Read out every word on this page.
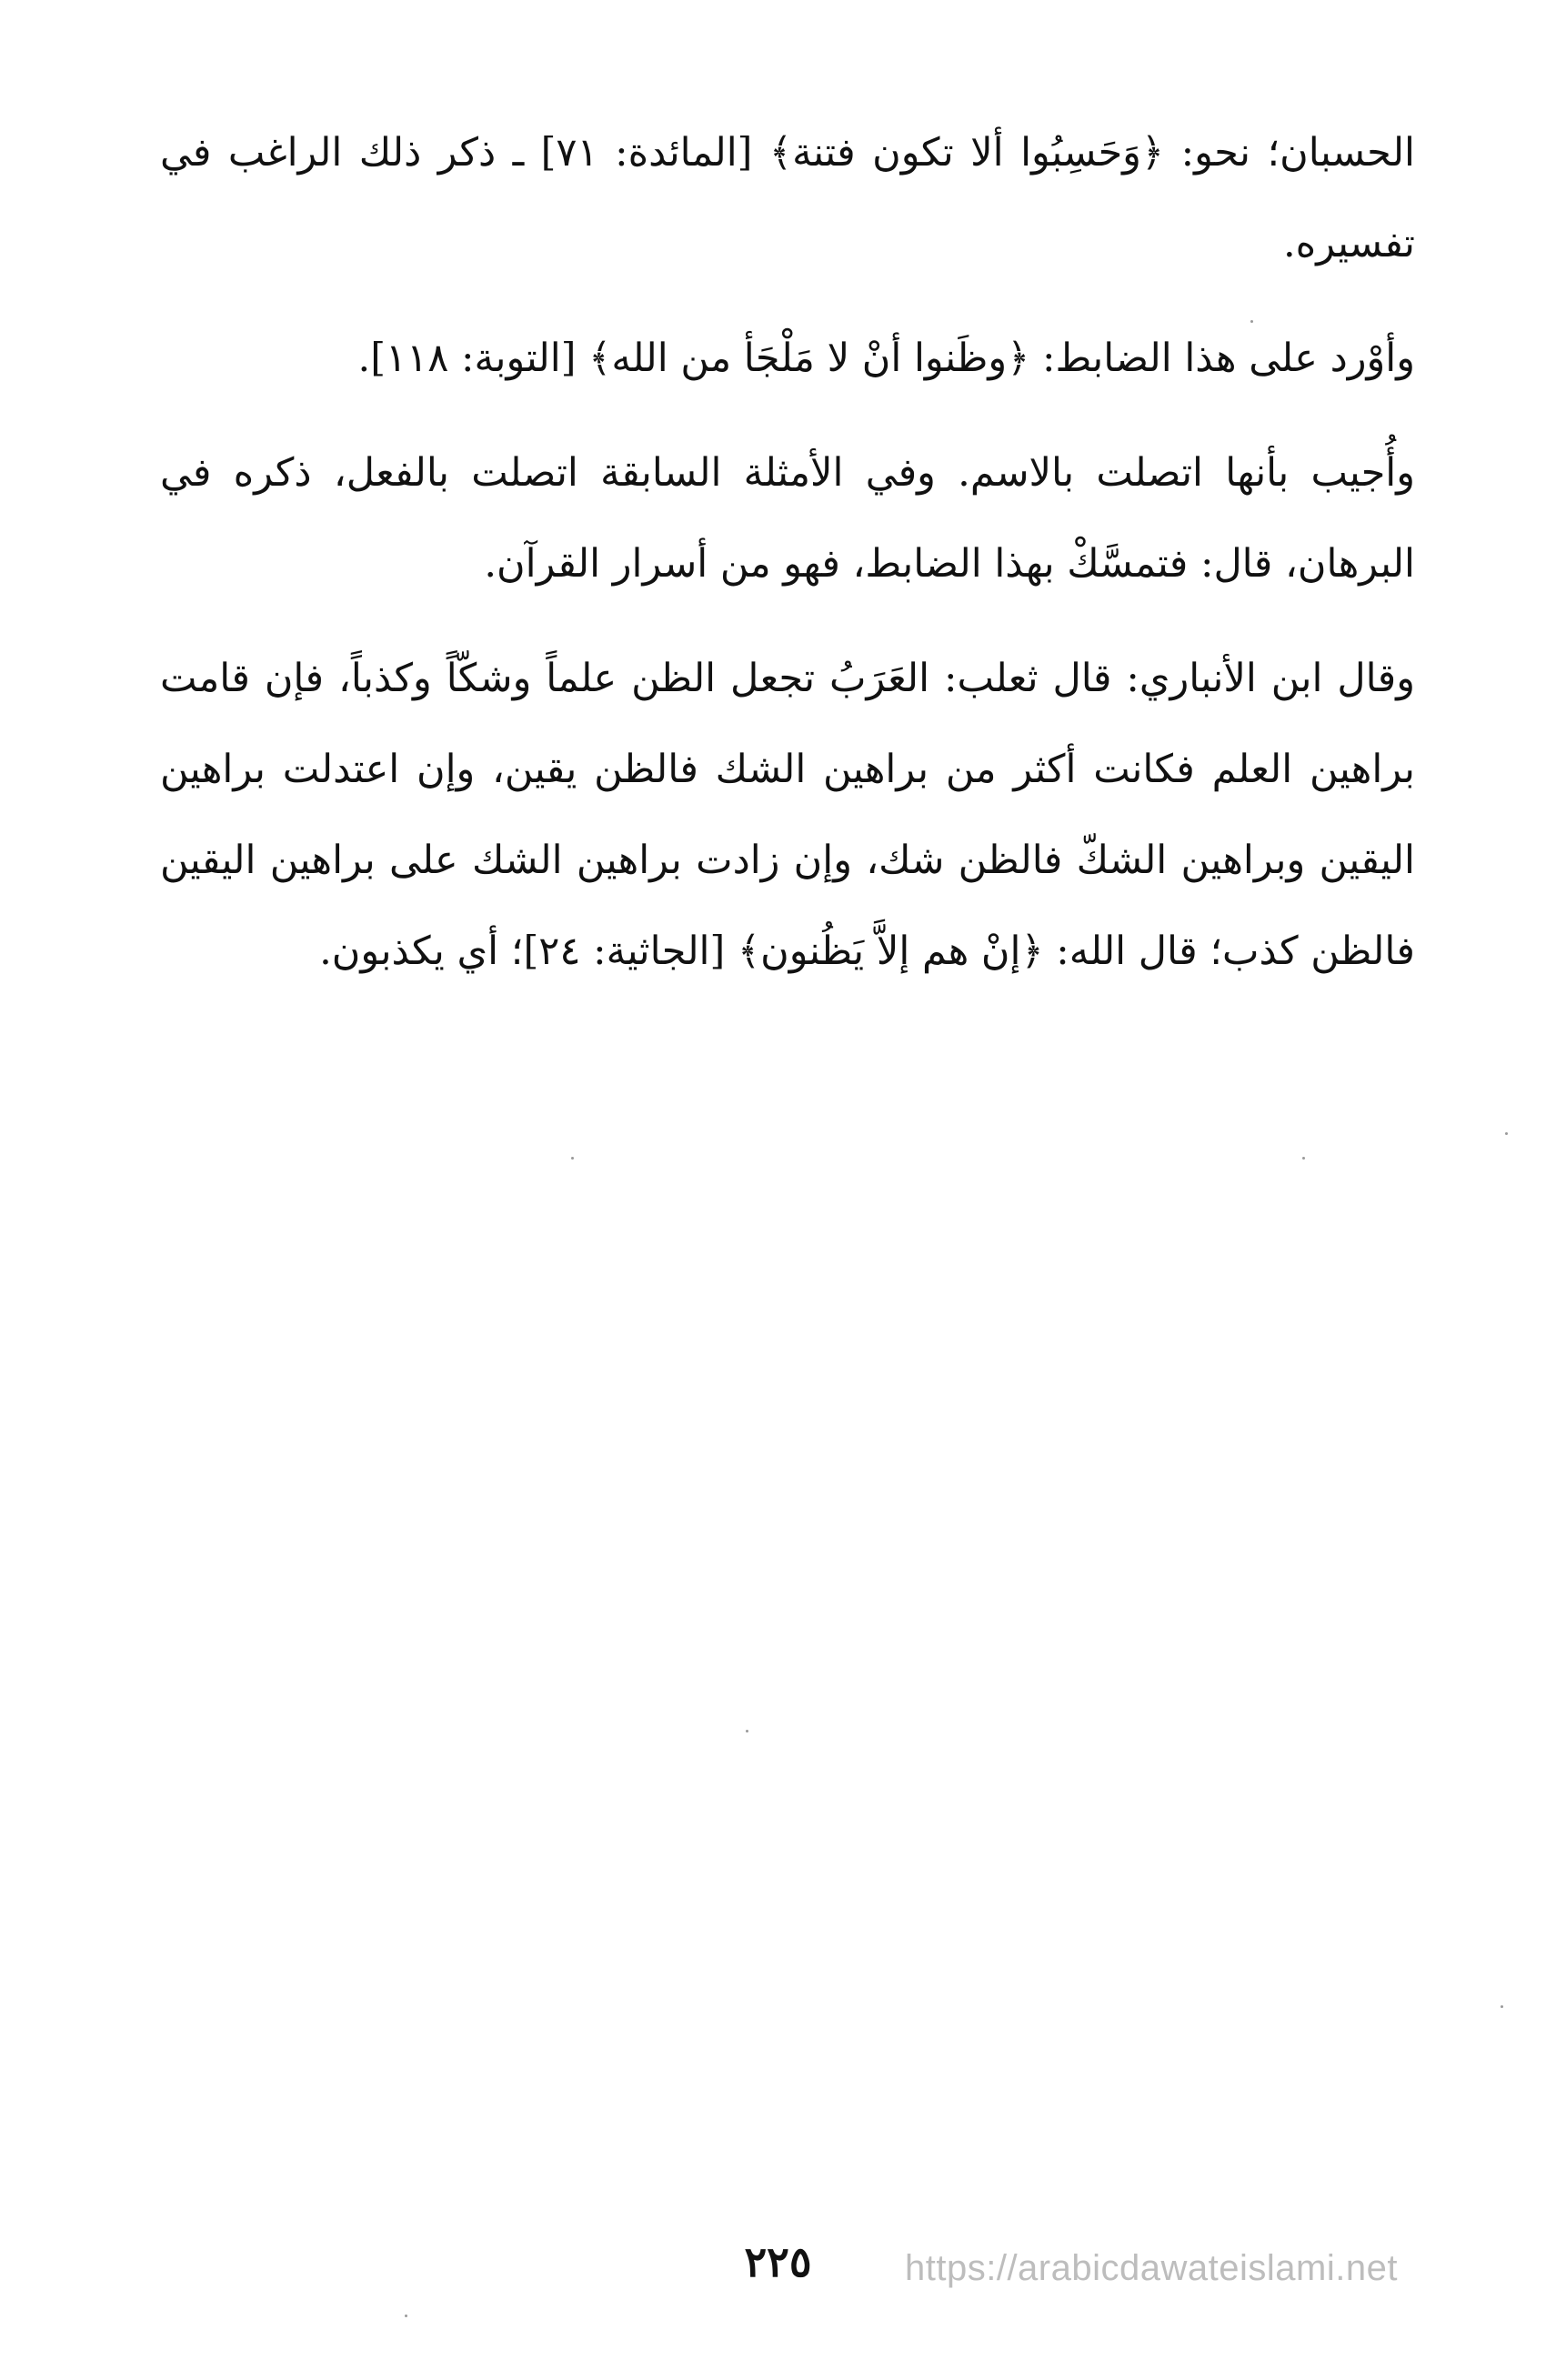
الحسبان؛ نحو: ﴿وَحَسِبُوا ألا تكون فتنة﴾ [المائدة: ٧١] ـ ذكر ذلك الراغب في تفسيره.

وأوْرد على هذا الضابط: ﴿وظَنوا أنْ لا مَلْجَأ من الله﴾ [التوبة: ١١٨].

وأُجيب بأنها اتصلت بالاسم. وفي الأمثلة السابقة اتصلت بالفعل، ذكره في البرهان، قال: فتمسَّكْ بهذا الضابط، فهو من أسرار القرآن.

وقال ابن الأنباري: قال ثعلب: العَرَبُ تجعل الظن علماً وشكّاً وكذباً، فإن قامت براهين العلم فكانت أكثر من براهين الشك فالظن يقين، وإن اعتدلت براهين اليقين وبراهين الشكّ فالظن شك، وإن زادت براهين الشك على براهين اليقين فالظن كذب؛ قال الله: ﴿إنْ هم إلاَّ يَظُنون﴾ [الجاثية: ٢٤]؛ أي يكذبون.

٢٢٥	https://arabicdawateislami.net
